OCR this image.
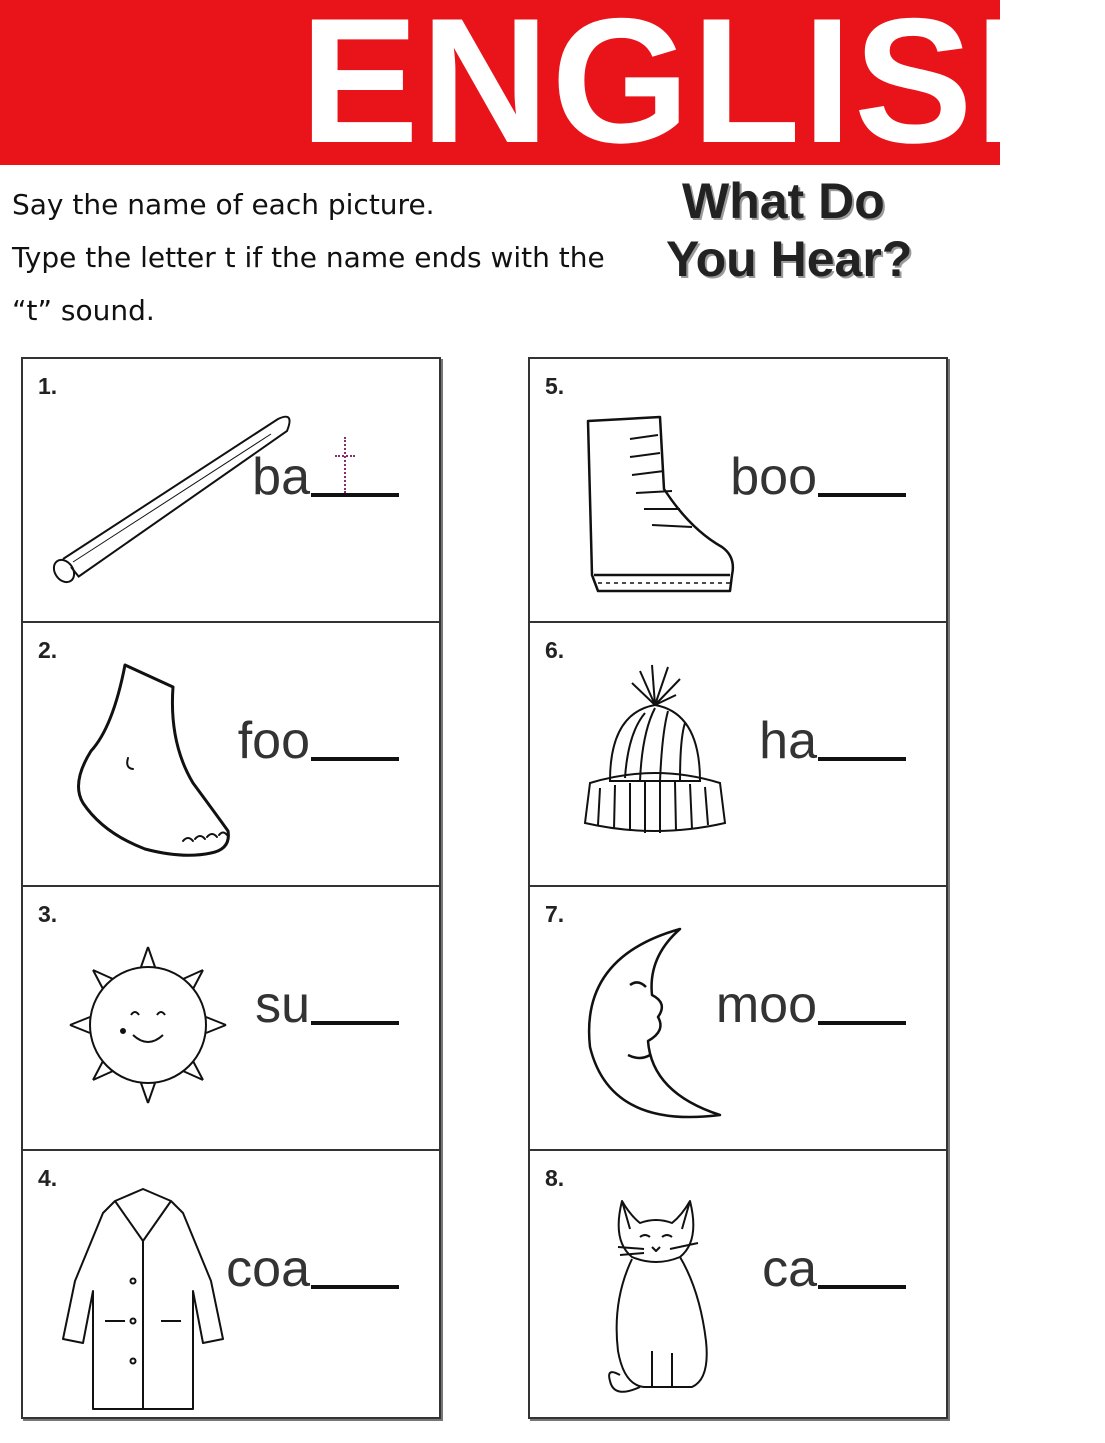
ENGLISH
Say the name of each picture.
Type the letter t if the name ends with the
“t” sound.
What Do
You Hear?
1.
ba
2.
foo
3.
su
4.
coa
5.
boo
6.
ha
7.
moo
8.
ca
